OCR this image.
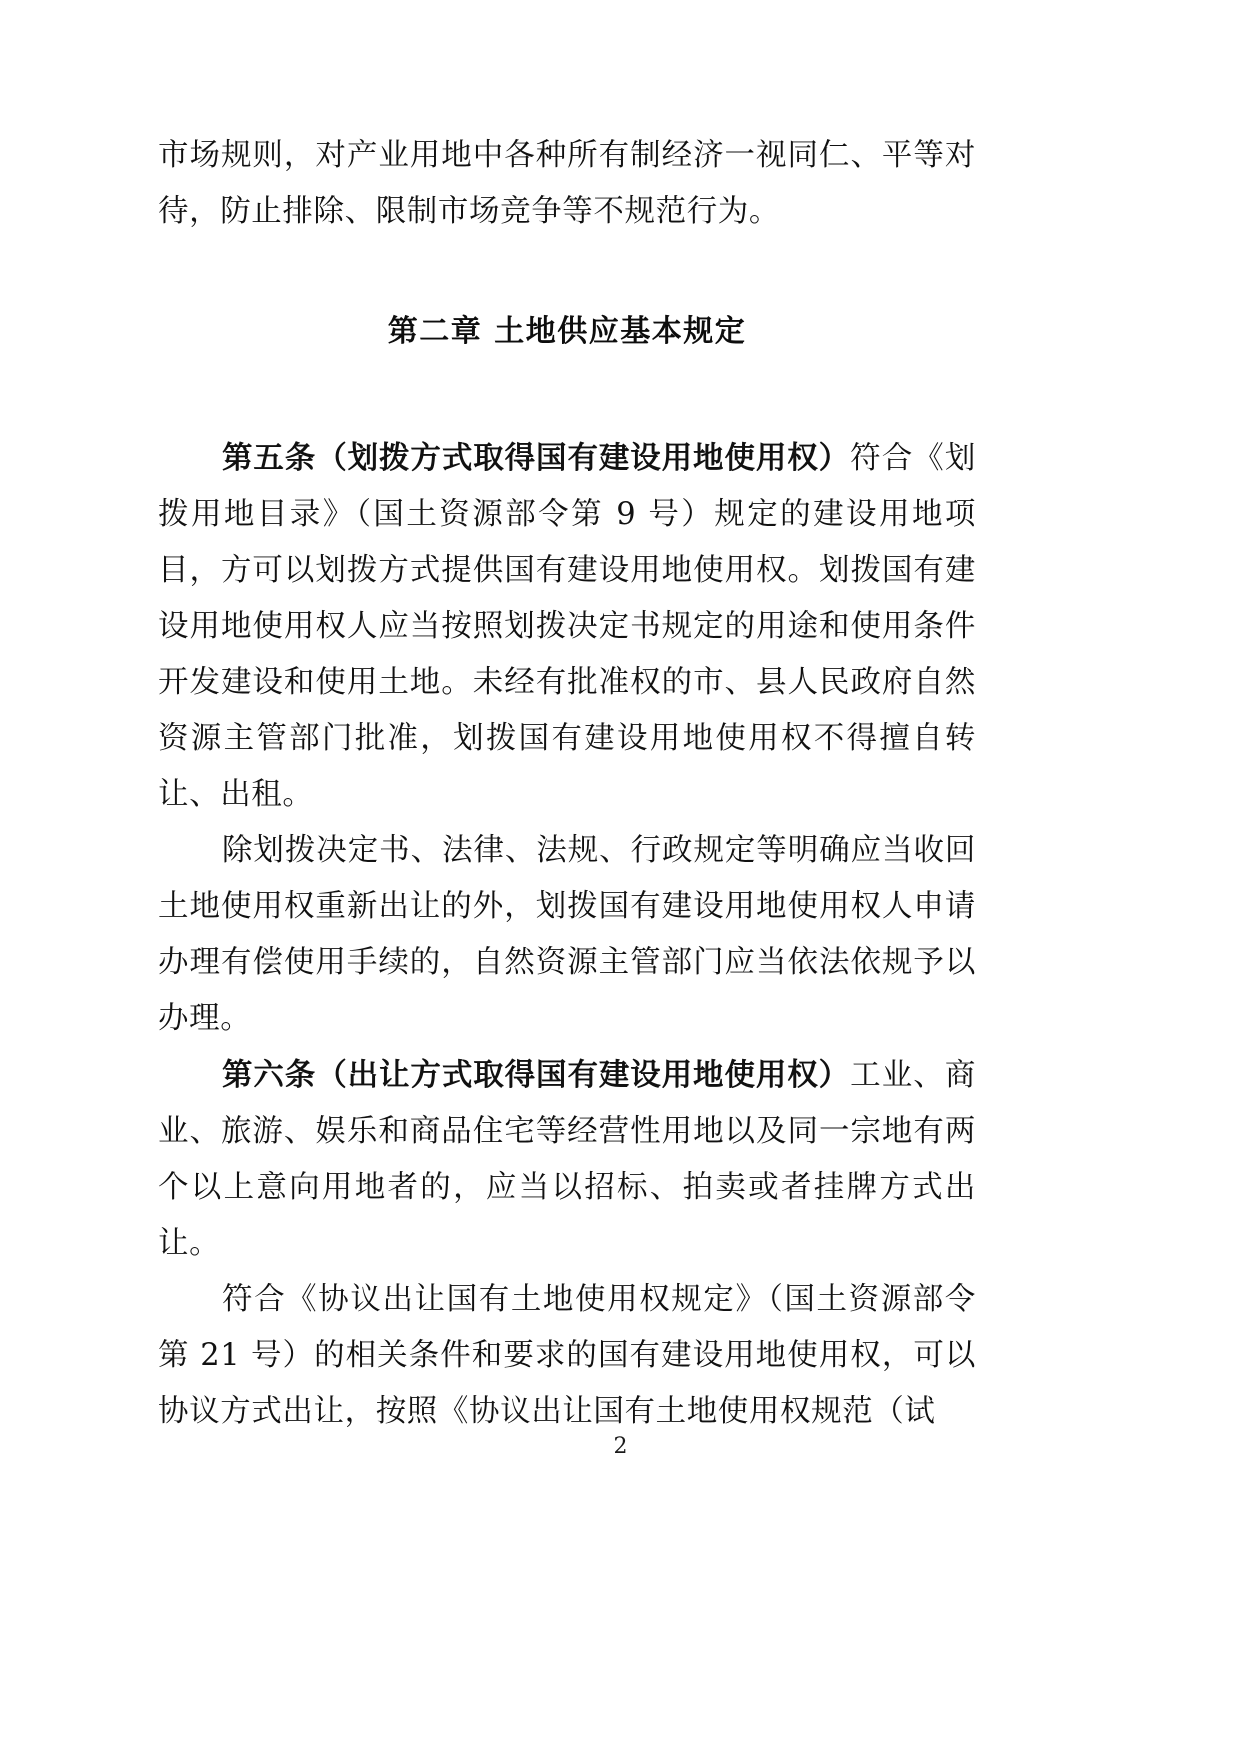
市场规则，对产业用地中各种所有制经济一视同仁、平等对待，防止排除、限制市场竞争等不规范行为。

第二章 土地供应基本规定

第五条（划拨方式取得国有建设用地使用权）符合《划拨用地目录》（国土资源部令第 9 号）规定的建设用地项目，方可以划拨方式提供国有建设用地使用权。划拨国有建设用地使用权人应当按照划拨决定书规定的用途和使用条件开发建设和使用土地。未经有批准权的市、县人民政府自然资源主管部门批准，划拨国有建设用地使用权不得擅自转让、出租。

除划拨决定书、法律、法规、行政规定等明确应当收回土地使用权重新出让的外，划拨国有建设用地使用权人申请办理有偿使用手续的，自然资源主管部门应当依法依规予以办理。

第六条（出让方式取得国有建设用地使用权）工业、商业、旅游、娱乐和商品住宅等经营性用地以及同一宗地有两个以上意向用地者的，应当以招标、拍卖或者挂牌方式出让。

符合《协议出让国有土地使用权规定》（国土资源部令第 21 号）的相关条件和要求的国有建设用地使用权，可以协议方式出让，按照《协议出让国有土地使用权规范（试

2
